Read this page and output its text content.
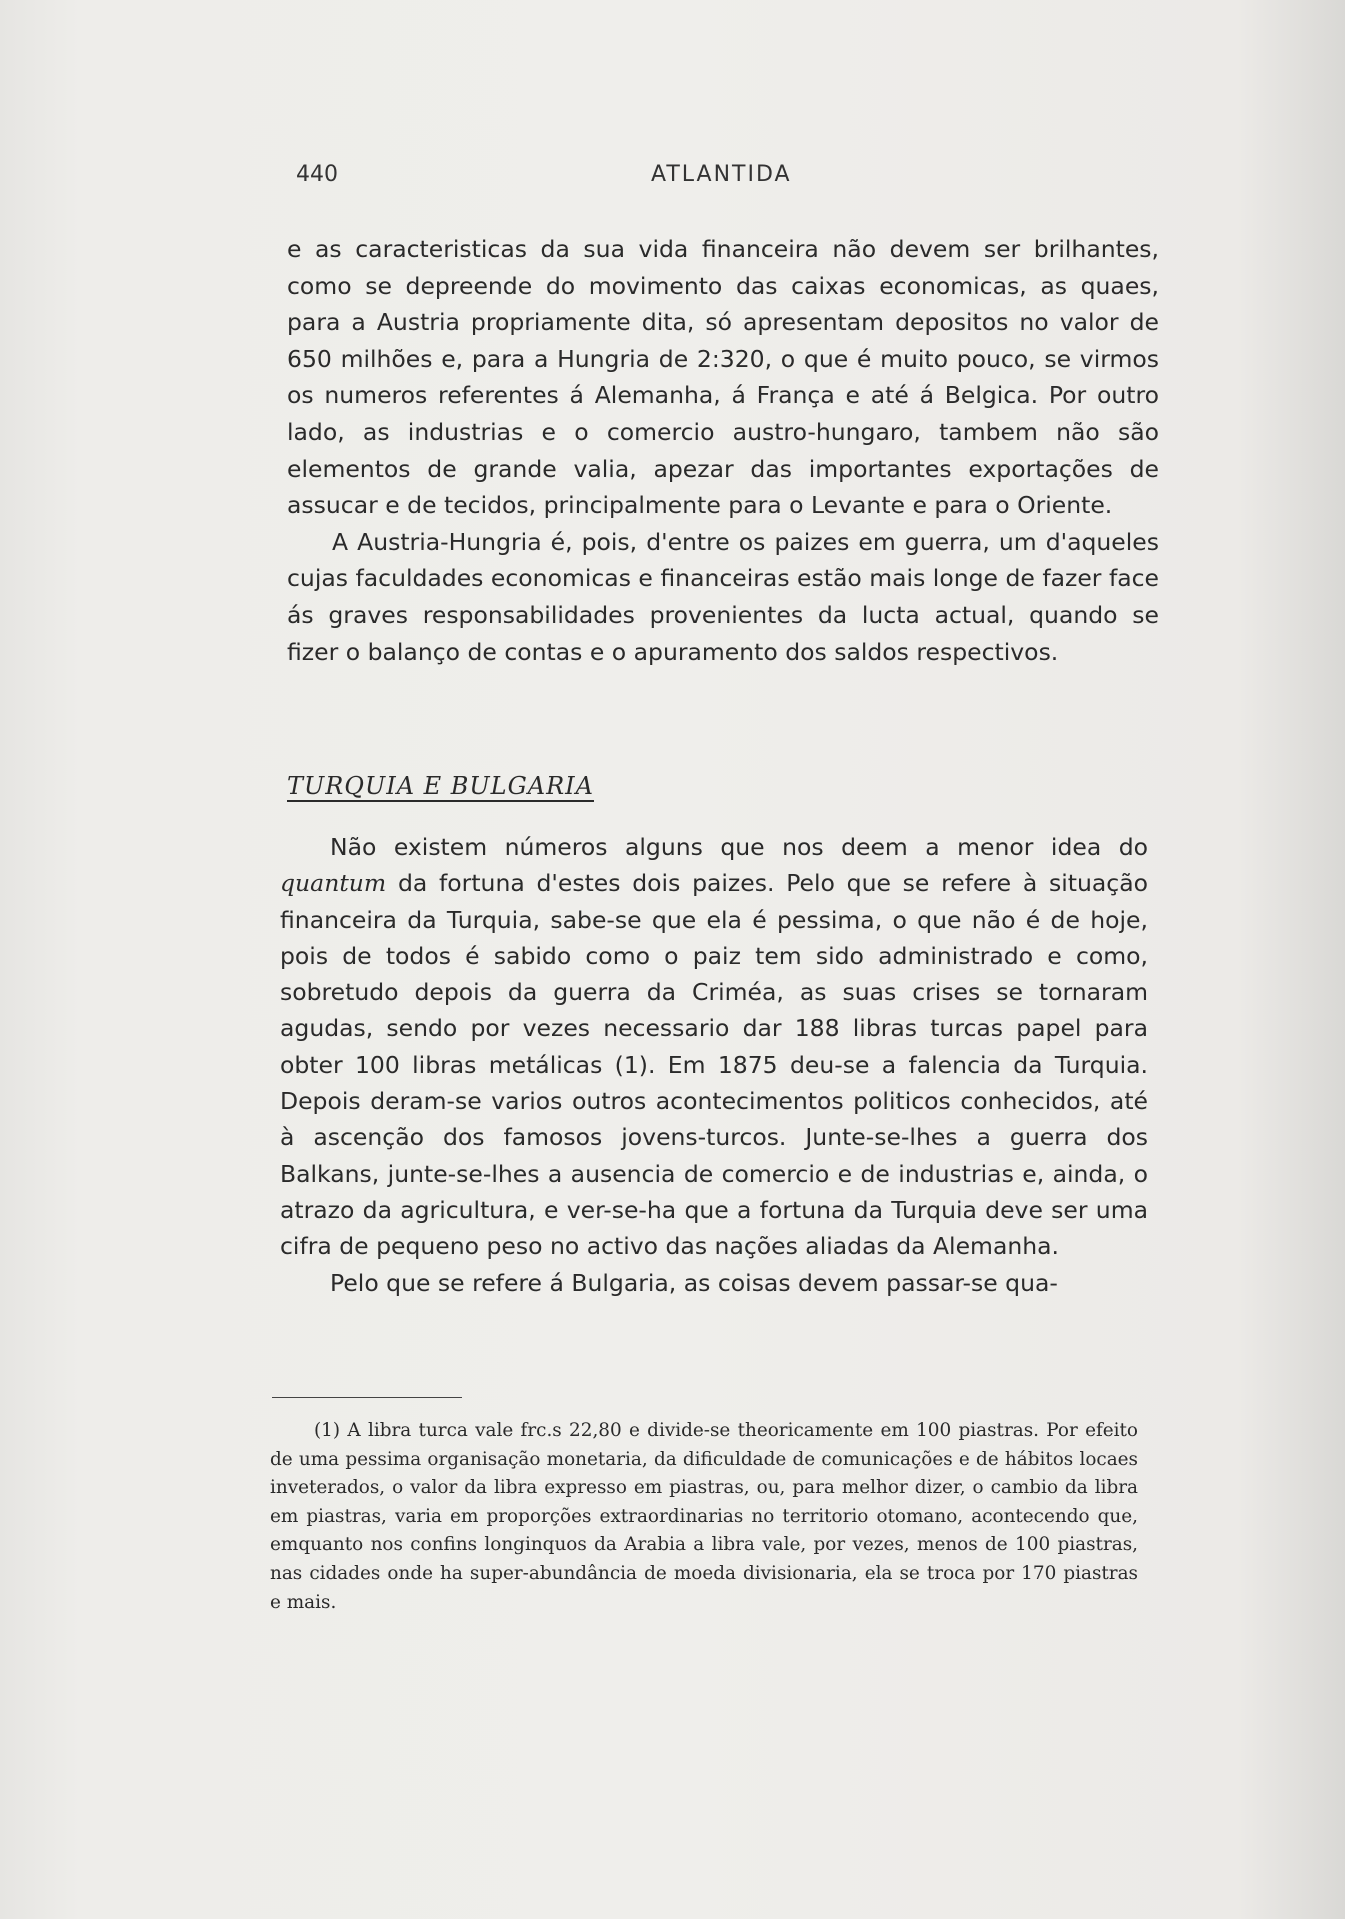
440	ATLANTIDA

e as caracteristicas da sua vida financeira não devem ser brilhantes, como se depreende do movimento das caixas economicas, as quaes, para a Austria propriamente dita, só apresentam depositos no valor de 650 milhões e, para a Hungria de 2:320, o que é muito pouco, se virmos os numeros referentes á Alemanha, á França e até á Belgica. Por outro lado, as industrias e o comercio austro-hungaro, tambem não são elementos de grande valia, apezar das importantes exportações de assucar e de tecidos, principalmente para o Levante e para o Oriente.

A Austria-Hungria é, pois, d'entre os paizes em guerra, um d'aqueles cujas faculdades economicas e financeiras estão mais longe de fazer face ás graves responsabilidades provenientes da lucta actual, quando se fizer o balanço de contas e o apuramento dos saldos respectivos.

TURQUIA E BULGARIA

Não existem números alguns que nos deem a menor idea do quantum da fortuna d'estes dois paizes. Pelo que se refere à situação financeira da Turquia, sabe-se que ela é pessima, o que não é de hoje, pois de todos é sabido como o paiz tem sido administrado e como, sobretudo depois da guerra da Criméa, as suas crises se tornaram agudas, sendo por vezes necessario dar 188 libras turcas papel para obter 100 libras metálicas (1). Em 1875 deu-se a falencia da Turquia. Depois deram-se varios outros acontecimentos politicos conhecidos, até à ascenção dos famosos jovens-turcos. Junte-se-lhes a guerra dos Balkans, junte-se-lhes a ausencia de comercio e de industrias e, ainda, o atrazo da agricultura, e ver-se-ha que a fortuna da Turquia deve ser uma cifra de pequeno peso no activo das nações aliadas da Alemanha.

Pelo que se refere á Bulgaria, as coisas devem passar-se qua-

(1) A libra turca vale frc.s 22,80 e divide-se theoricamente em 100 piastras. Por efeito de uma pessima organisação monetaria, da dificuldade de comunicações e de hábitos locaes inveterados, o valor da libra expresso em piastras, ou, para melhor dizer, o cambio da libra em piastras, varia em proporções extraordinarias no territorio otomano, acontecendo que, emquanto nos confins longinquos da Arabia a libra vale, por vezes, menos de 100 piastras, nas cidades onde ha super-abundância de moeda divisionaria, ela se troca por 170 piastras e mais.
